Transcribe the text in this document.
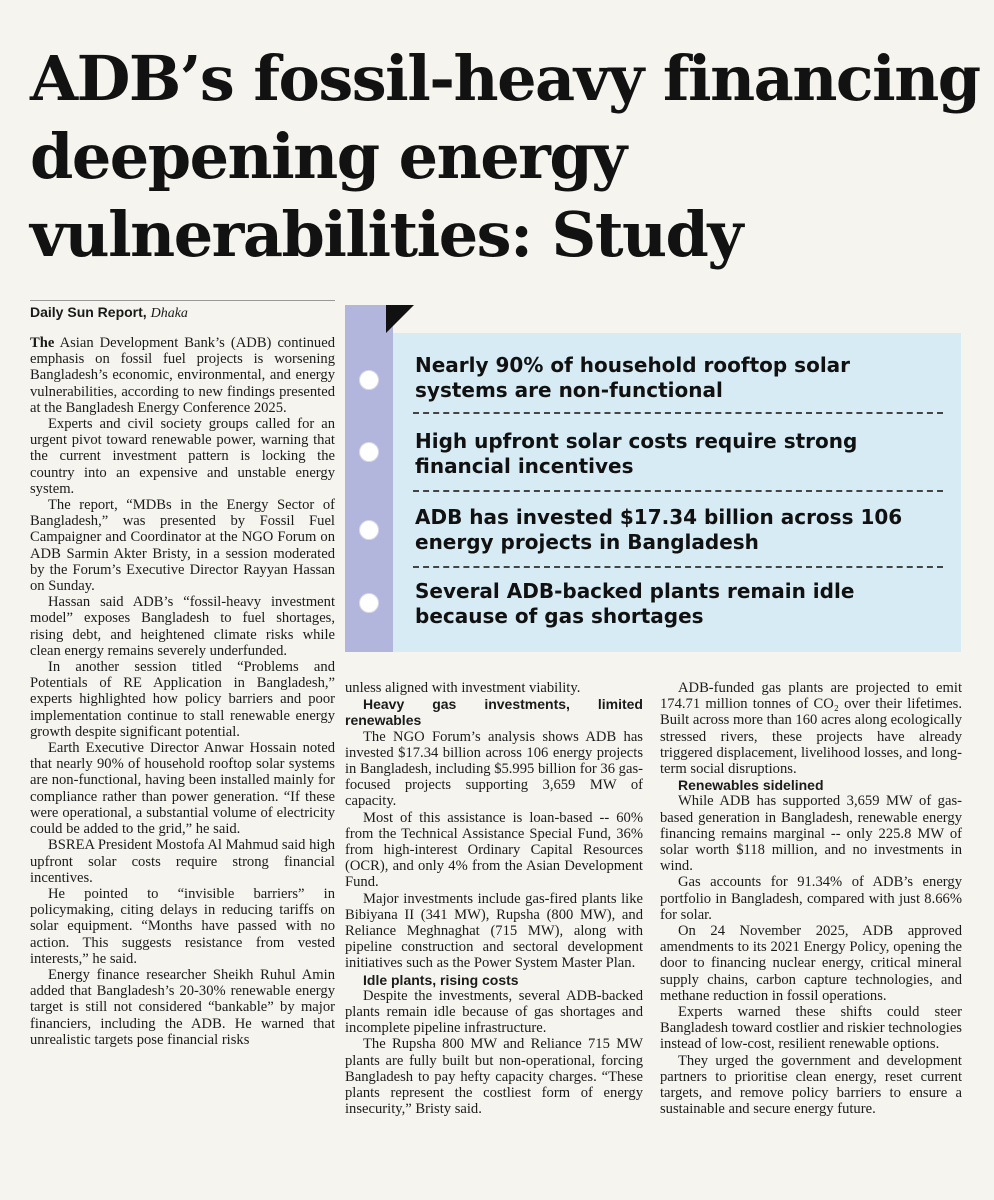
ADB’s fossil-heavy financing deepening energy vulnerabilities: Study
Daily Sun Report, Dhaka

The Asian Development Bank’s (ADB) continued emphasis on fossil fuel projects is worsening Bangladesh’s economic, environmental, and energy vulnerabilities, according to new findings presented at the Bangladesh Energy Conference 2025.

Experts and civil society groups called for an urgent pivot toward renewable power, warning that the current investment pattern is locking the country into an expensive and unstable energy system.

The report, “MDBs in the Energy Sector of Bangladesh,” was presented by Fossil Fuel Campaigner and Coordinator at the NGO Forum on ADB Sarmin Akter Bristy, in a session moderated by the Forum’s Executive Director Rayyan Hassan on Sunday.

Hassan said ADB’s “fossil-heavy investment model” exposes Bangladesh to fuel shortages, rising debt, and heightened climate risks while clean energy remains severely underfunded.

In another session titled “Problems and Potentials of RE Application in Bangladesh,” experts highlighted how policy barriers and poor implementation continue to stall renewable energy growth despite significant potential.

Earth Executive Director Anwar Hossain noted that nearly 90% of household rooftop solar systems are non-functional, having been installed mainly for compliance rather than power generation. “If these were operational, a substantial volume of electricity could be added to the grid,” he said.

BSREA President Mostofa Al Mahmud said high upfront solar costs require strong financial incentives.

He pointed to “invisible barriers” in policymaking, citing delays in reducing tariffs on solar equipment. “Months have passed with no action. This suggests resistance from vested interests,” he said.

Energy finance researcher Sheikh Ruhul Amin added that Bangladesh’s 20-30% renewable energy target is still not considered “bankable” by major financiers, including the ADB. He warned that unrealistic targets pose financial risks

Nearly 90% of household rooftop solar systems are non-functional
High upfront solar costs require strong financial incentives
ADB has invested $17.34 billion across 106 energy projects in Bangladesh
Several ADB-backed plants remain idle because of gas shortages

unless aligned with investment viability.

Heavy gas investments, limited renewables

The NGO Forum’s analysis shows ADB has invested $17.34 billion across 106 energy projects in Bangladesh, including $5.995 billion for 36 gas-focused projects supporting 3,659 MW of capacity.

Most of this assistance is loan-based -- 60% from the Technical Assistance Special Fund, 36% from high-interest Ordinary Capital Resources (OCR), and only 4% from the Asian Development Fund.

Major investments include gas-fired plants like Bibiyana II (341 MW), Rupsha (800 MW), and Reliance Meghnaghat (715 MW), along with pipeline construction and sectoral development initiatives such as the Power System Master Plan.

Idle plants, rising costs

Despite the investments, several ADB-backed plants remain idle because of gas shortages and incomplete pipeline infrastructure.

The Rupsha 800 MW and Reliance 715 MW plants are fully built but non-operational, forcing Bangladesh to pay hefty capacity charges. “These plants represent the costliest form of energy insecurity,” Bristy said.

ADB-funded gas plants are projected to emit 174.71 million tonnes of CO₂ over their lifetimes. Built across more than 160 acres along ecologically stressed rivers, these projects have already triggered displacement, livelihood losses, and long-term social disruptions.

Renewables sidelined

While ADB has supported 3,659 MW of gas-based generation in Bangladesh, renewable energy financing remains marginal -- only 225.8 MW of solar worth $118 million, and no investments in wind.

Gas accounts for 91.34% of ADB’s energy portfolio in Bangladesh, compared with just 8.66% for solar.

On 24 November 2025, ADB approved amendments to its 2021 Energy Policy, opening the door to financing nuclear energy, critical mineral supply chains, carbon capture technologies, and methane reduction in fossil operations.

Experts warned these shifts could steer Bangladesh toward costlier and riskier technologies instead of low-cost, resilient renewable options.

They urged the government and development partners to prioritise clean energy, reset current targets, and remove policy barriers to ensure a sustainable and secure energy future.
